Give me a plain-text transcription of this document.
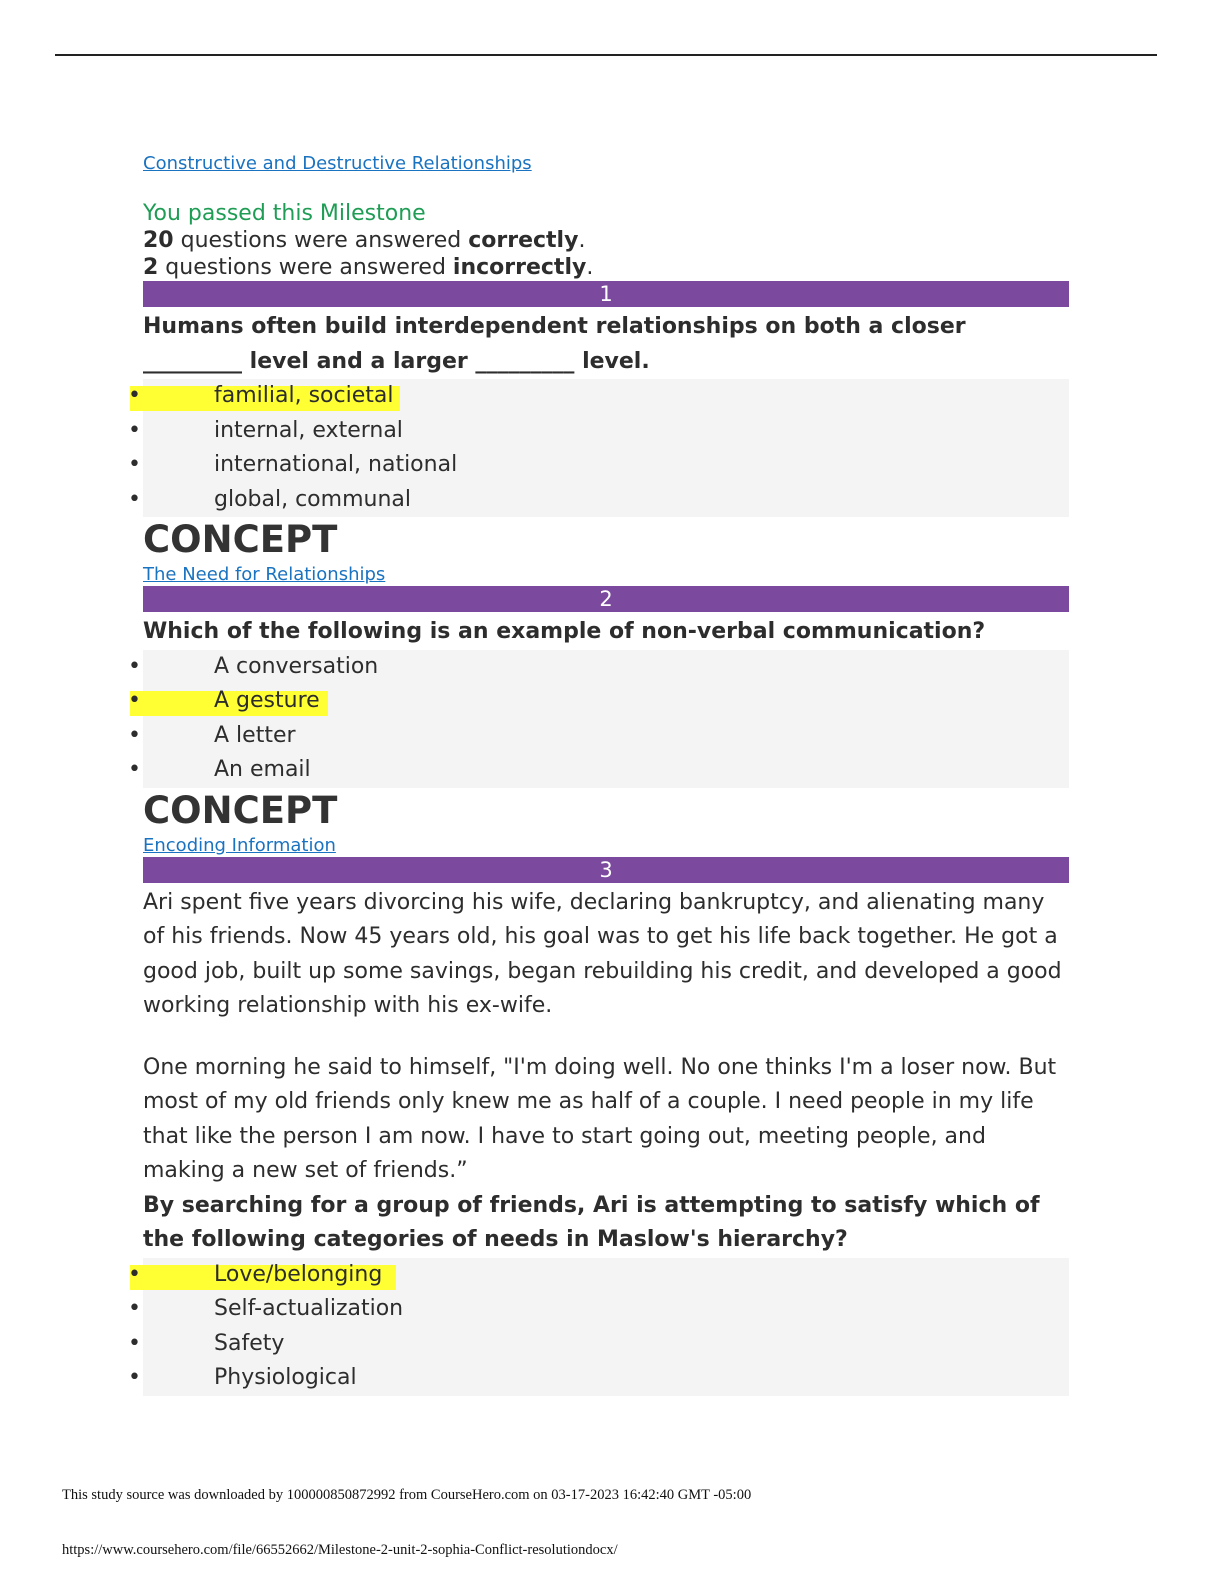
Constructive and Destructive Relationships
You passed this Milestone
20 questions were answered correctly.
2 questions were answered incorrectly.
1
Humans often build interdependent relationships on both a closer _________ level and a larger _________ level.
•	familial, societal
•	internal, external
•	international, national
•	global, communal
CONCEPT
The Need for Relationships
2
Which of the following is an example of non-verbal communication?
•	A conversation
•	A gesture
•	A letter
•	An email
CONCEPT
Encoding Information
3
Ari spent five years divorcing his wife, declaring bankruptcy, and alienating many of his friends. Now 45 years old, his goal was to get his life back together. He got a good job, built up some savings, began rebuilding his credit, and developed a good working relationship with his ex-wife.
One morning he said to himself, "I'm doing well. No one thinks I'm a loser now. But most of my old friends only knew me as half of a couple. I need people in my life that like the person I am now. I have to start going out, meeting people, and making a new set of friends.”
By searching for a group of friends, Ari is attempting to satisfy which of the following categories of needs in Maslow's hierarchy?
•	Love/belonging
•	Self-actualization
•	Safety
•	Physiological
This study source was downloaded by 100000850872992 from CourseHero.com on 03-17-2023 16:42:40 GMT -05:00
https://www.coursehero.com/file/66552662/Milestone-2-unit-2-sophia-Conflict-resolutiondocx/
